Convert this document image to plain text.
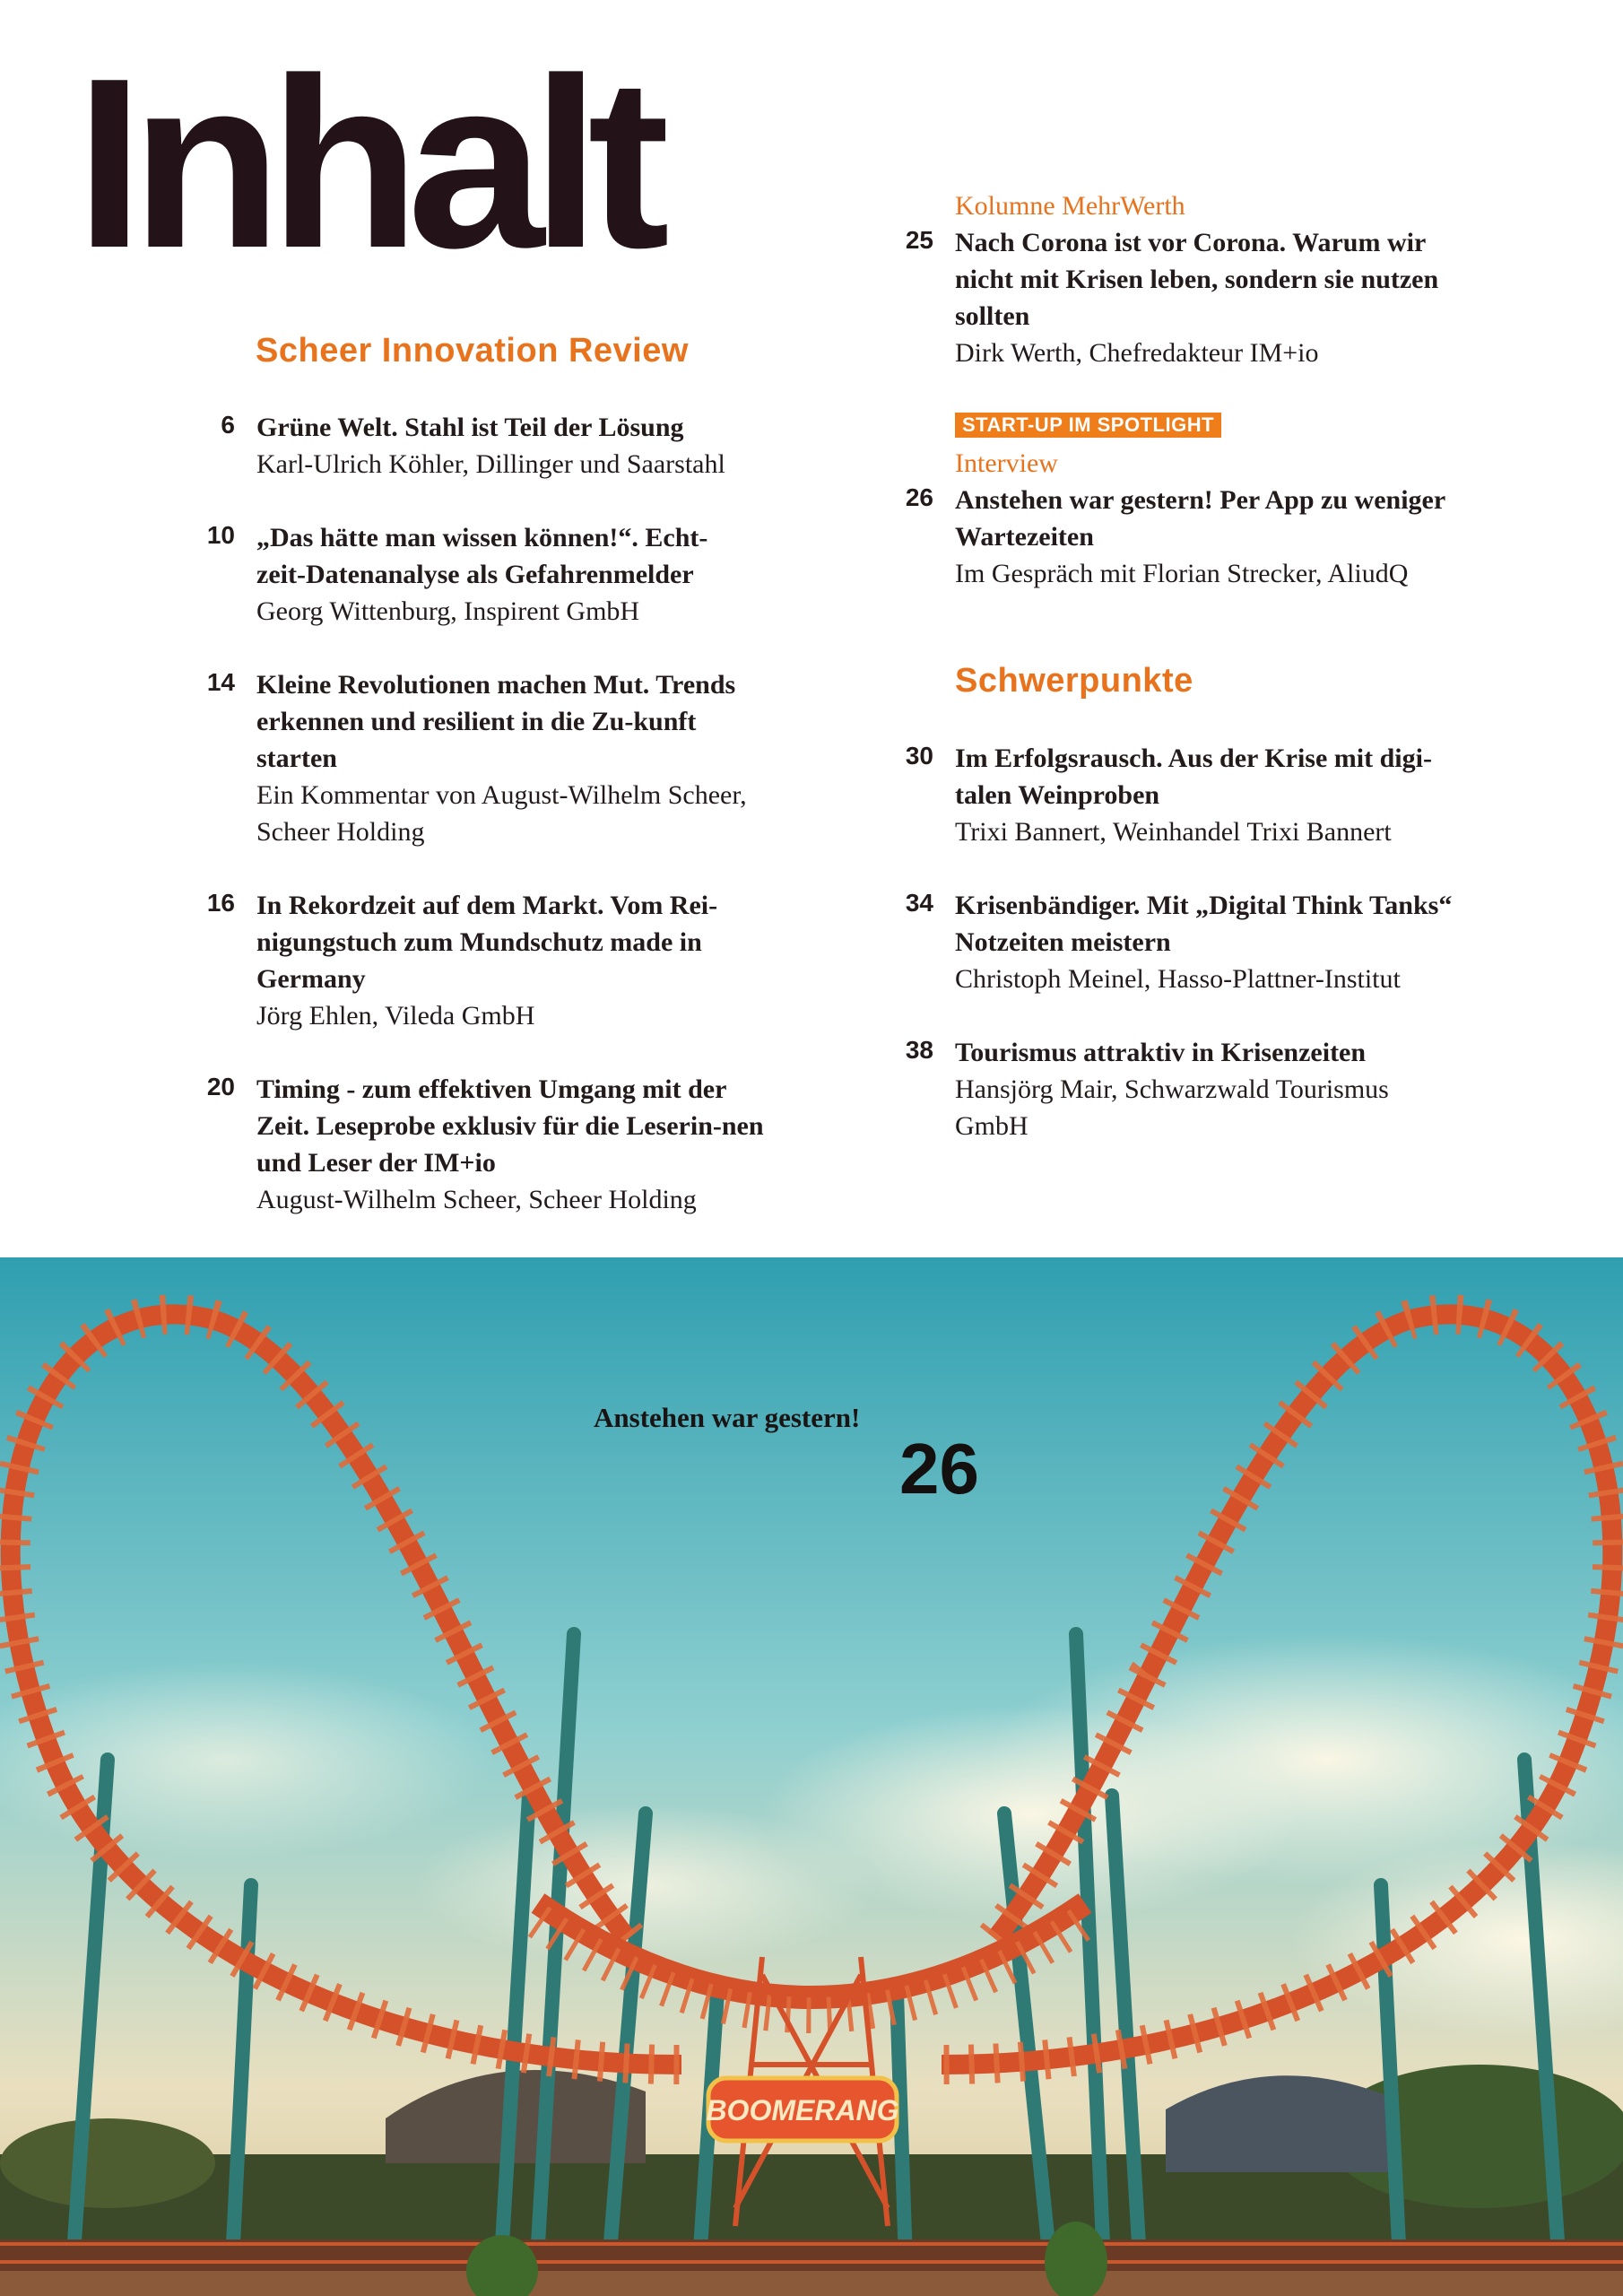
Inhalt
Scheer Innovation Review
6 Grüne Welt. Stahl ist Teil der Lösung
Karl-Ulrich Köhler, Dillinger und Saarstahl
10 „Das hätte man wissen können!“. Echt-zeit-Datenanalyse als Gefahrenmelder
Georg Wittenburg, Inspirent GmbH
14 Kleine Revolutionen machen Mut. Trends erkennen und resilient in die Zu-kunft starten
Ein Kommentar von August-Wilhelm Scheer, Scheer Holding
16 In Rekordzeit auf dem Markt. Vom Rei-nigungstuch zum Mundschutz made in Germany
Jörg Ehlen, Vileda GmbH
20 Timing - zum effektiven Umgang mit der Zeit. Leseprobe exklusiv für die Leserin-nen und Leser der IM+io
August-Wilhelm Scheer, Scheer Holding
Kolumne MehrWerth
25 Nach Corona ist vor Corona. Warum wir nicht mit Krisen leben, sondern sie nutzen sollten
Dirk Werth, Chefredakteur IM+io
START-UP IM SPOTLIGHT
Interview
26 Anstehen war gestern! Per App zu weniger Wartezeiten
Im Gespräch mit Florian Strecker, AliudQ
Schwerpunkte
30 Im Erfolgsrausch. Aus der Krise mit digi-talen Weinproben
Trixi Bannert, Weinhandel Trixi Bannert
34 Krisenbändiger. Mit „Digital Think Tanks“ Notzeiten meistern
Christoph Meinel, Hasso-Plattner-Institut
38 Tourismus attraktiv in Krisenzeiten
Hansjörg Mair, Schwarzwald Tourismus GmbH
BOOMERANG
Anstehen war gestern!
26
